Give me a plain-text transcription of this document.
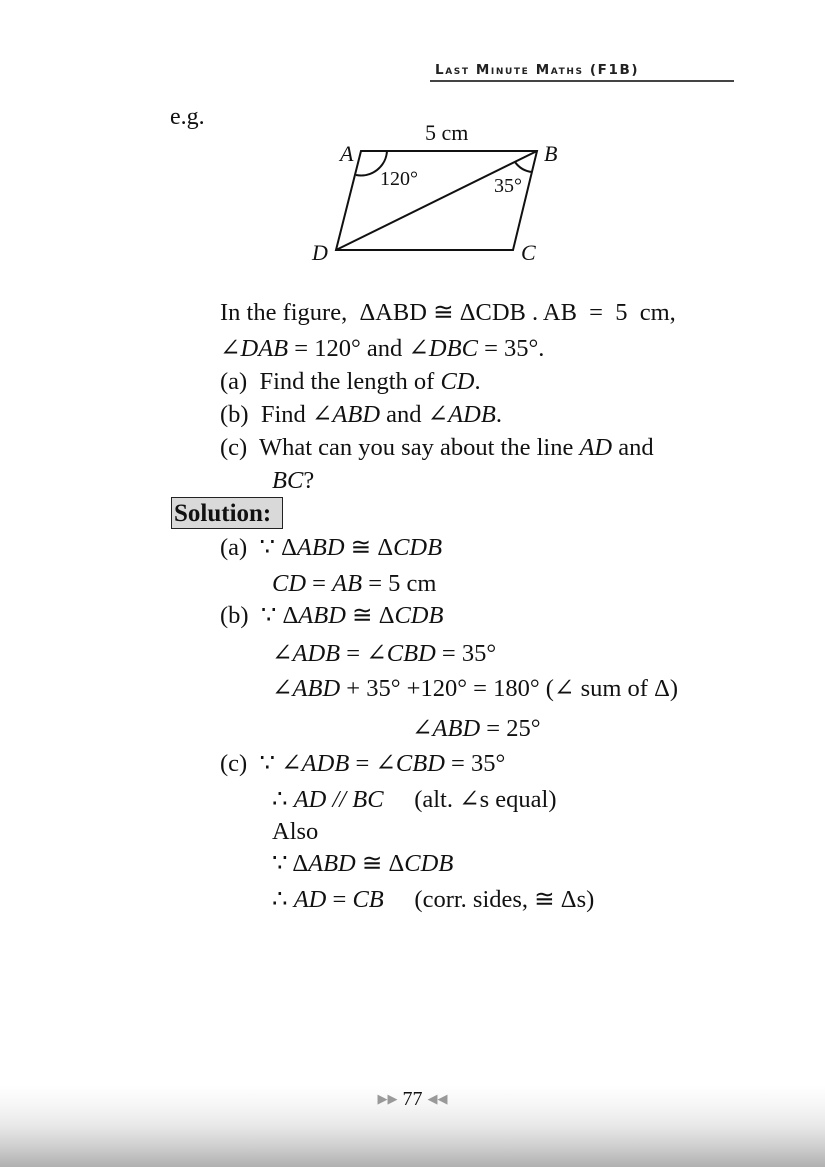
Last Minute Maths (F1B)
e.g.
5 cm
A	B
C
D
120°	35°
In the figure,  ΔABD ≅ ΔCDB . AB  =  5  cm,
∠DAB = 120° and ∠DBC = 35°.
(a)  Find the length of CD.
(b)  Find ∠ABD and ∠ADB.
(c)  What can you say about the line AD and
BC?
Solution:
(a)  ∵ ΔABD ≅ ΔCDB
CD = AB = 5 cm
(b)  ∵ ΔABD ≅ ΔCDB
∠ADB = ∠CBD = 35°
∠ABD + 35° +120° = 180° (∠ sum of Δ)
∠ABD = 25°
(c)  ∵ ∠ADB = ∠CBD = 35°
∴ AD // BC     (alt. ∠s equal)
Also
∵ ΔABD ≅ ΔCDB
∴ AD = CB     (corr. sides, ≅ Δs)
▶▶ 77 ◀◀
